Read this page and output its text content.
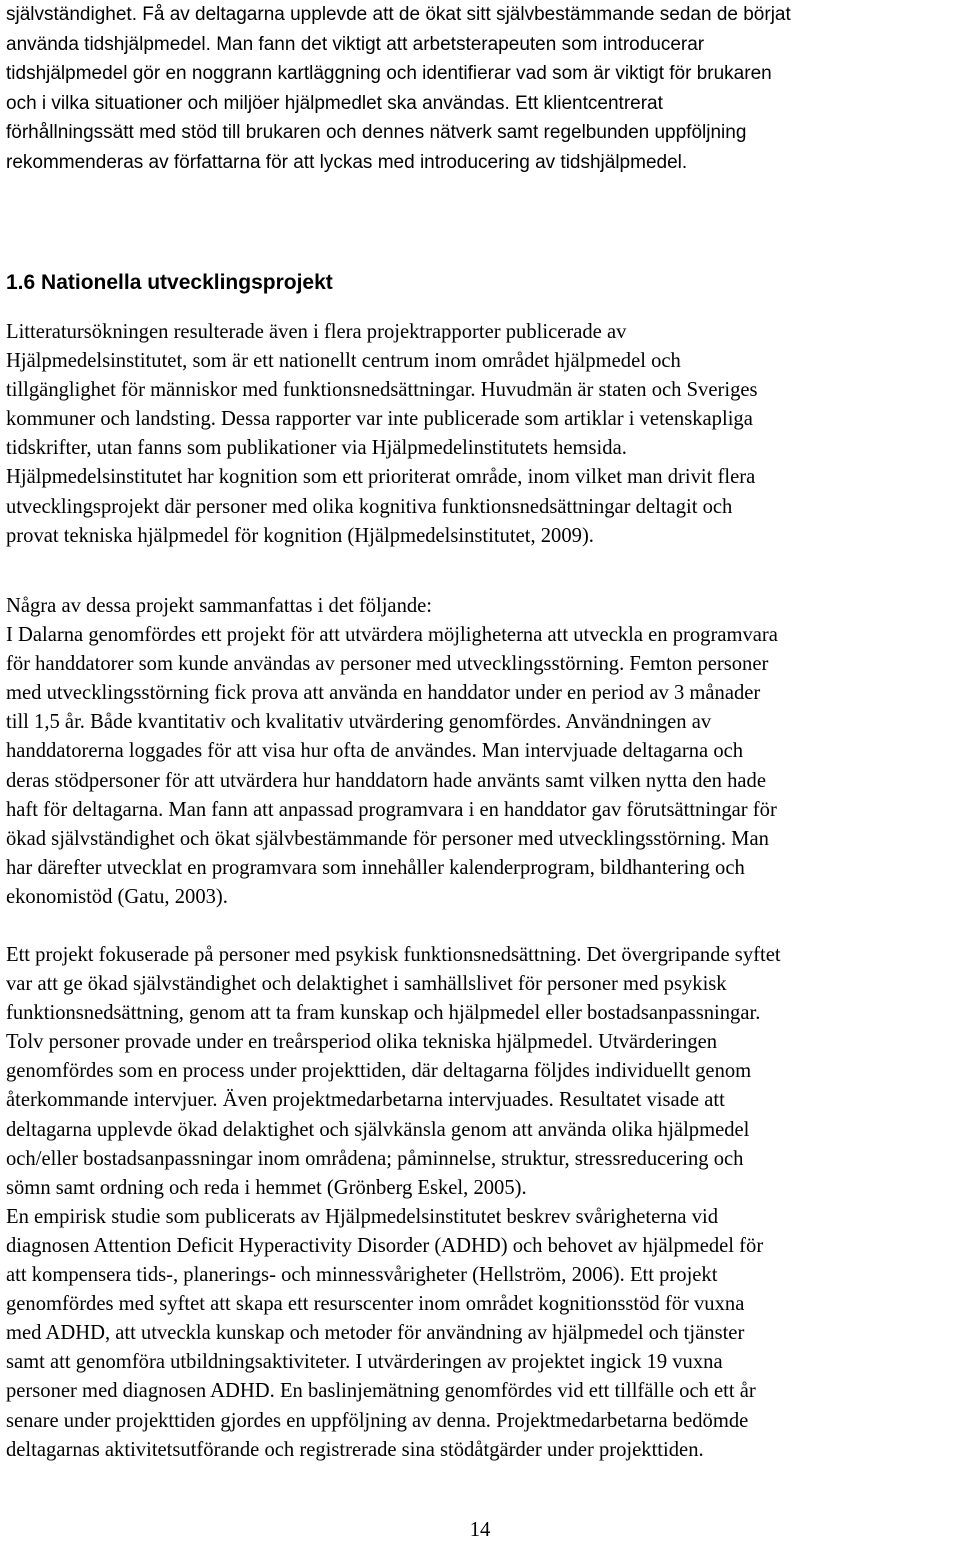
självständighet. Få av deltagarna upplevde att de ökat sitt självbestämmande sedan de börjat

använda tidshjälpmedel. Man fann det viktigt att arbetsterapeuten som introducerar

tidshjälpmedel gör en noggrann kartläggning och identifierar vad som är viktigt för brukaren

och i vilka situationer och miljöer hjälpmedlet ska användas. Ett klientcentrerat

förhållningssätt med stöd till brukaren och dennes nätverk samt regelbunden uppföljning

rekommenderas av författarna för att lyckas med introducering av tidshjälpmedel.

1.6 Nationella utvecklingsprojekt

Litteratursökningen resulterade även i flera projektrapporter publicerade av

Hjälpmedelsinstitutet, som är ett nationellt centrum inom området hjälpmedel och

tillgänglighet för människor med funktionsnedsättningar. Huvudmän är staten och Sveriges

kommuner och landsting. Dessa rapporter var inte publicerade som artiklar i vetenskapliga

tidskrifter, utan fanns som publikationer via Hjälpmedelinstitutets hemsida.

Hjälpmedelsinstitutet har kognition som ett prioriterat område, inom vilket man drivit flera

utvecklingsprojekt där personer med olika kognitiva funktionsnedsättningar deltagit och

provat tekniska hjälpmedel för kognition (Hjälpmedelsinstitutet, 2009).

Några av dessa projekt sammanfattas i det följande:

I Dalarna genomfördes ett projekt för att utvärdera möjligheterna att utveckla en programvara

för handdatorer som kunde användas av personer med utvecklingsstörning. Femton personer

med utvecklingsstörning fick prova att använda en handdator under en period av 3 månader

till 1,5 år. Både kvantitativ och kvalitativ utvärdering genomfördes. Användningen av

handdatorerna loggades för att visa hur ofta de användes. Man intervjuade deltagarna och

deras stödpersoner för att utvärdera hur handdatorn hade använts samt vilken nytta den hade

haft för deltagarna. Man fann att anpassad programvara i en handdator gav förutsättningar för

ökad självständighet och ökat självbestämmande för personer med utvecklingsstörning. Man

har därefter utvecklat en programvara som innehåller kalenderprogram, bildhantering och

ekonomistöd (Gatu, 2003).

Ett projekt fokuserade på personer med psykisk funktionsnedsättning. Det övergripande syftet

var att ge ökad självständighet och delaktighet i samhällslivet för personer med psykisk

funktionsnedsättning, genom att ta fram kunskap och hjälpmedel eller bostadsanpassningar.

Tolv personer provade under en treårsperiod olika tekniska hjälpmedel. Utvärderingen

genomfördes som en process under projekttiden, där deltagarna följdes individuellt genom

återkommande intervjuer. Även projektmedarbetarna intervjuades. Resultatet visade att

deltagarna upplevde ökad delaktighet och självkänsla genom att använda olika hjälpmedel

och/eller bostadsanpassningar inom områdena; påminnelse, struktur, stressreducering och

sömn samt ordning och reda i hemmet (Grönberg Eskel, 2005).

En empirisk studie som publicerats av Hjälpmedelsinstitutet beskrev svårigheterna vid

diagnosen Attention Deficit Hyperactivity Disorder (ADHD) och behovet av hjälpmedel för

att kompensera tids-, planerings- och minnessvårigheter (Hellström, 2006). Ett projekt

genomfördes med syftet att skapa ett resurscenter inom området kognitionsstöd för vuxna

med ADHD, att utveckla kunskap och metoder för användning av hjälpmedel och tjänster

samt att genomföra utbildningsaktiviteter. I utvärderingen av projektet ingick 19 vuxna

personer med diagnosen ADHD. En baslinjemätning genomfördes vid ett tillfälle och ett år

senare under projekttiden gjordes en uppföljning av denna. Projektmedarbetarna bedömde

deltagarnas aktivitetsutförande och registrerade sina stödåtgärder under projekttiden.

14
